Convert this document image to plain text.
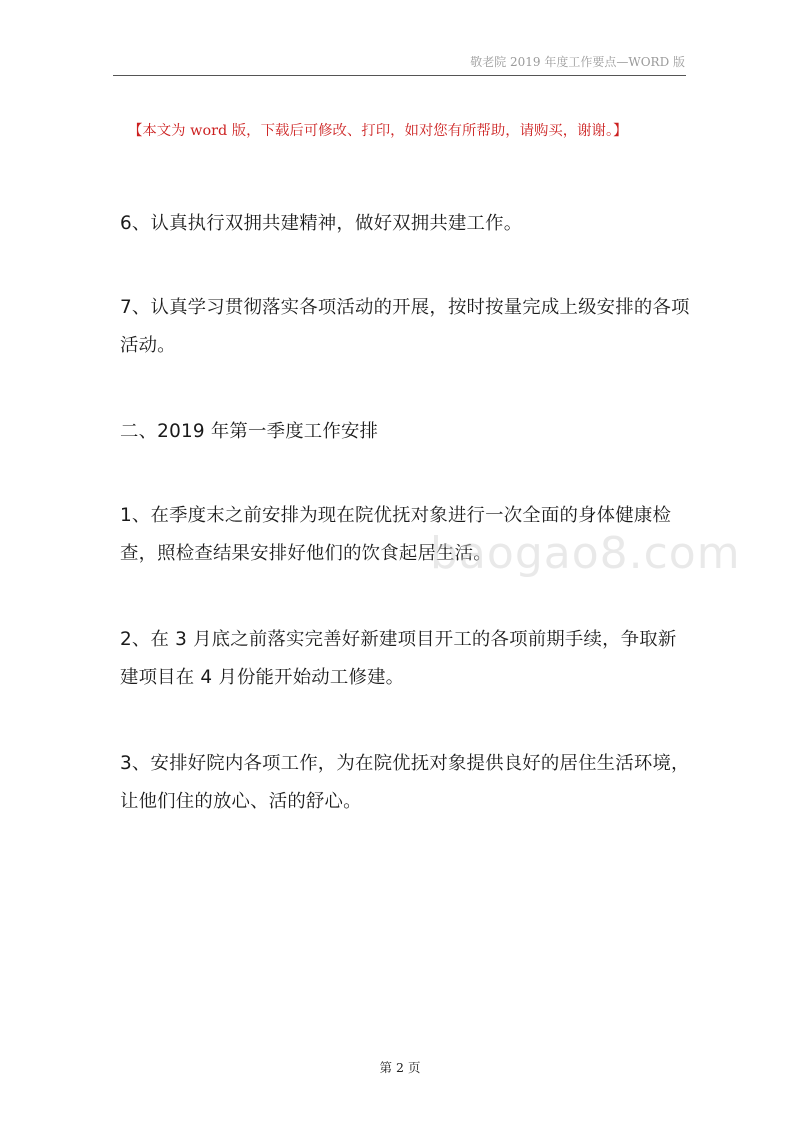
敬老院 2019 年度工作要点—WORD 版
【本文为 word 版，下载后可修改、打印，如对您有所帮助，请购买，谢谢。】
6、认真执行双拥共建精神，做好双拥共建工作。
7、认真学习贯彻落实各项活动的开展，按时按量完成上级安排的各项活动。
二、2019 年第一季度工作安排
1、在季度末之前安排为现在院优抚对象进行一次全面的身体健康检查，照检查结果安排好他们的饮食起居生活。
2、在 3 月底之前落实完善好新建项目开工的各项前期手续，争取新建项目在 4 月份能开始动工修建。
3、安排好院内各项工作，为在院优抚对象提供良好的居住生活环境，让他们住的放心、活的舒心。
baogao8.com
第 2 页
